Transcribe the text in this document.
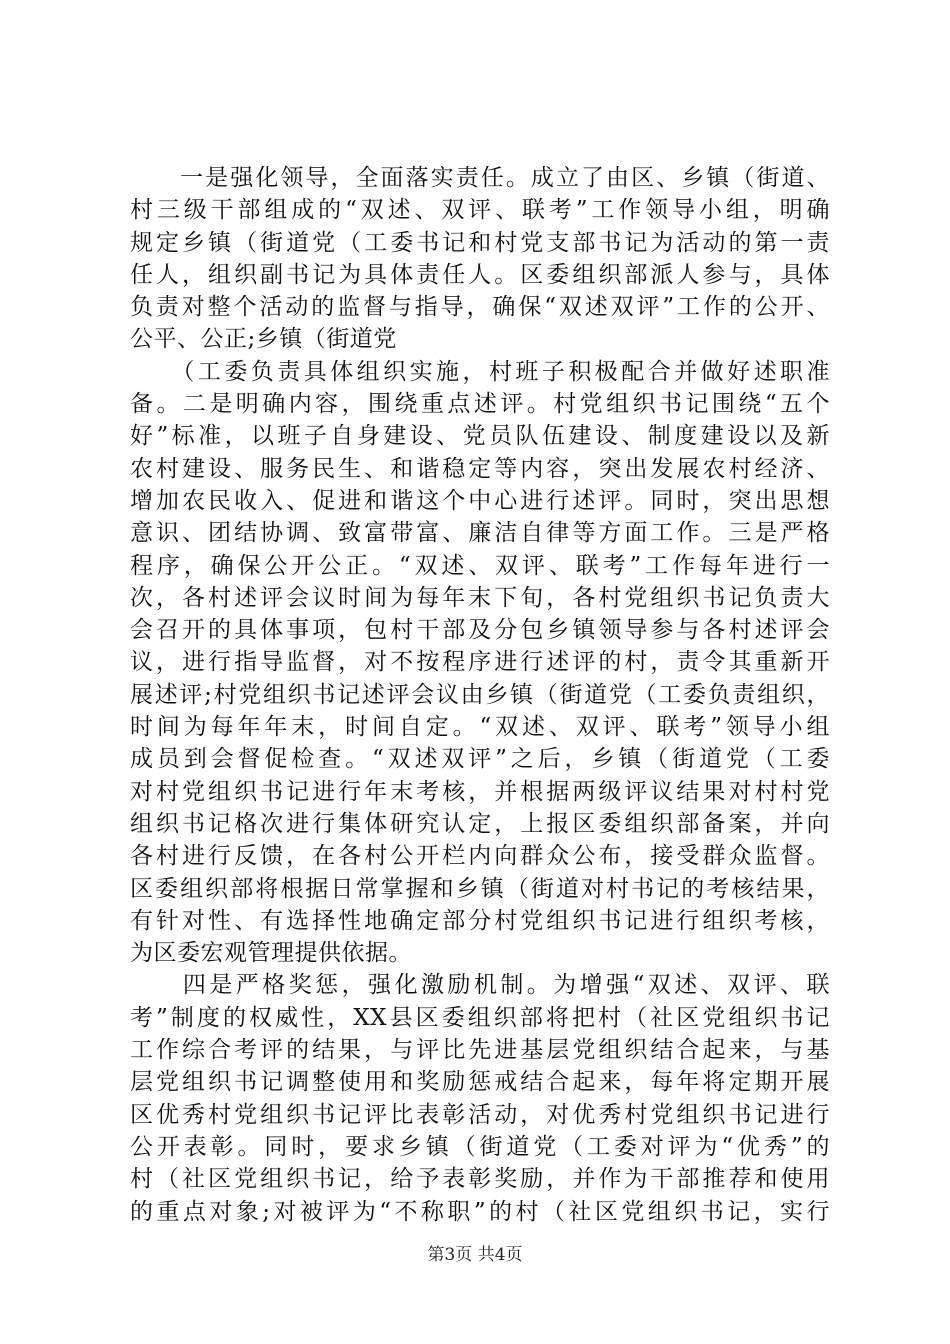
　　一是强化领导，全面落实责任。成立了由区、乡镇（街道、
村三级干部组成的“双述、双评、联考”工作领导小组，明确
规定乡镇（街道党（工委书记和村党支部书记为活动的第一责
任人，组织副书记为具体责任人。区委组织部派人参与，具体
负责对整个活动的监督与指导，确保“双述双评”工作的公开、
公平、公正;乡镇（街道党
　　（工委负责具体组织实施，村班子积极配合并做好述职准
备。二是明确内容，围绕重点述评。村党组织书记围绕“五个
好”标准，以班子自身建设、党员队伍建设、制度建设以及新
农村建设、服务民生、和谐稳定等内容，突出发展农村经济、
增加农民收入、促进和谐这个中心进行述评。同时，突出思想
意识、团结协调、致富带富、廉洁自律等方面工作。三是严格
程序，确保公开公正。“双述、双评、联考”工作每年进行一
次，各村述评会议时间为每年末下旬，各村党组织书记负责大
会召开的具体事项，包村干部及分包乡镇领导参与各村述评会
议，进行指导监督，对不按程序进行述评的村，责令其重新开
展述评;村党组织书记述评会议由乡镇（街道党（工委负责组织，
时间为每年年末，时间自定。“双述、双评、联考”领导小组
成员到会督促检查。“双述双评”之后，乡镇（街道党（工委
对村党组织书记进行年末考核，并根据两级评议结果对村村党
组织书记格次进行集体研究认定，上报区委组织部备案，并向
各村进行反馈，在各村公开栏内向群众公布，接受群众监督。
区委组织部将根据日常掌握和乡镇（街道对村书记的考核结果，
有针对性、有选择性地确定部分村党组织书记进行组织考核，
为区委宏观管理提供依据。
　　四是严格奖惩，强化激励机制。为增强“双述、双评、联
考”制度的权威性，XX县区委组织部将把村（社区党组织书记
工作综合考评的结果，与评比先进基层党组织结合起来，与基
层党组织书记调整使用和奖励惩戒结合起来，每年将定期开展
区优秀村党组织书记评比表彰活动，对优秀村党组织书记进行
公开表彰。同时，要求乡镇（街道党（工委对评为“优秀”的
村（社区党组织书记，给予表彰奖励，并作为干部推荐和使用
的重点对象;对被评为“不称职”的村（社区党组织书记，实行
第3页 共4页
